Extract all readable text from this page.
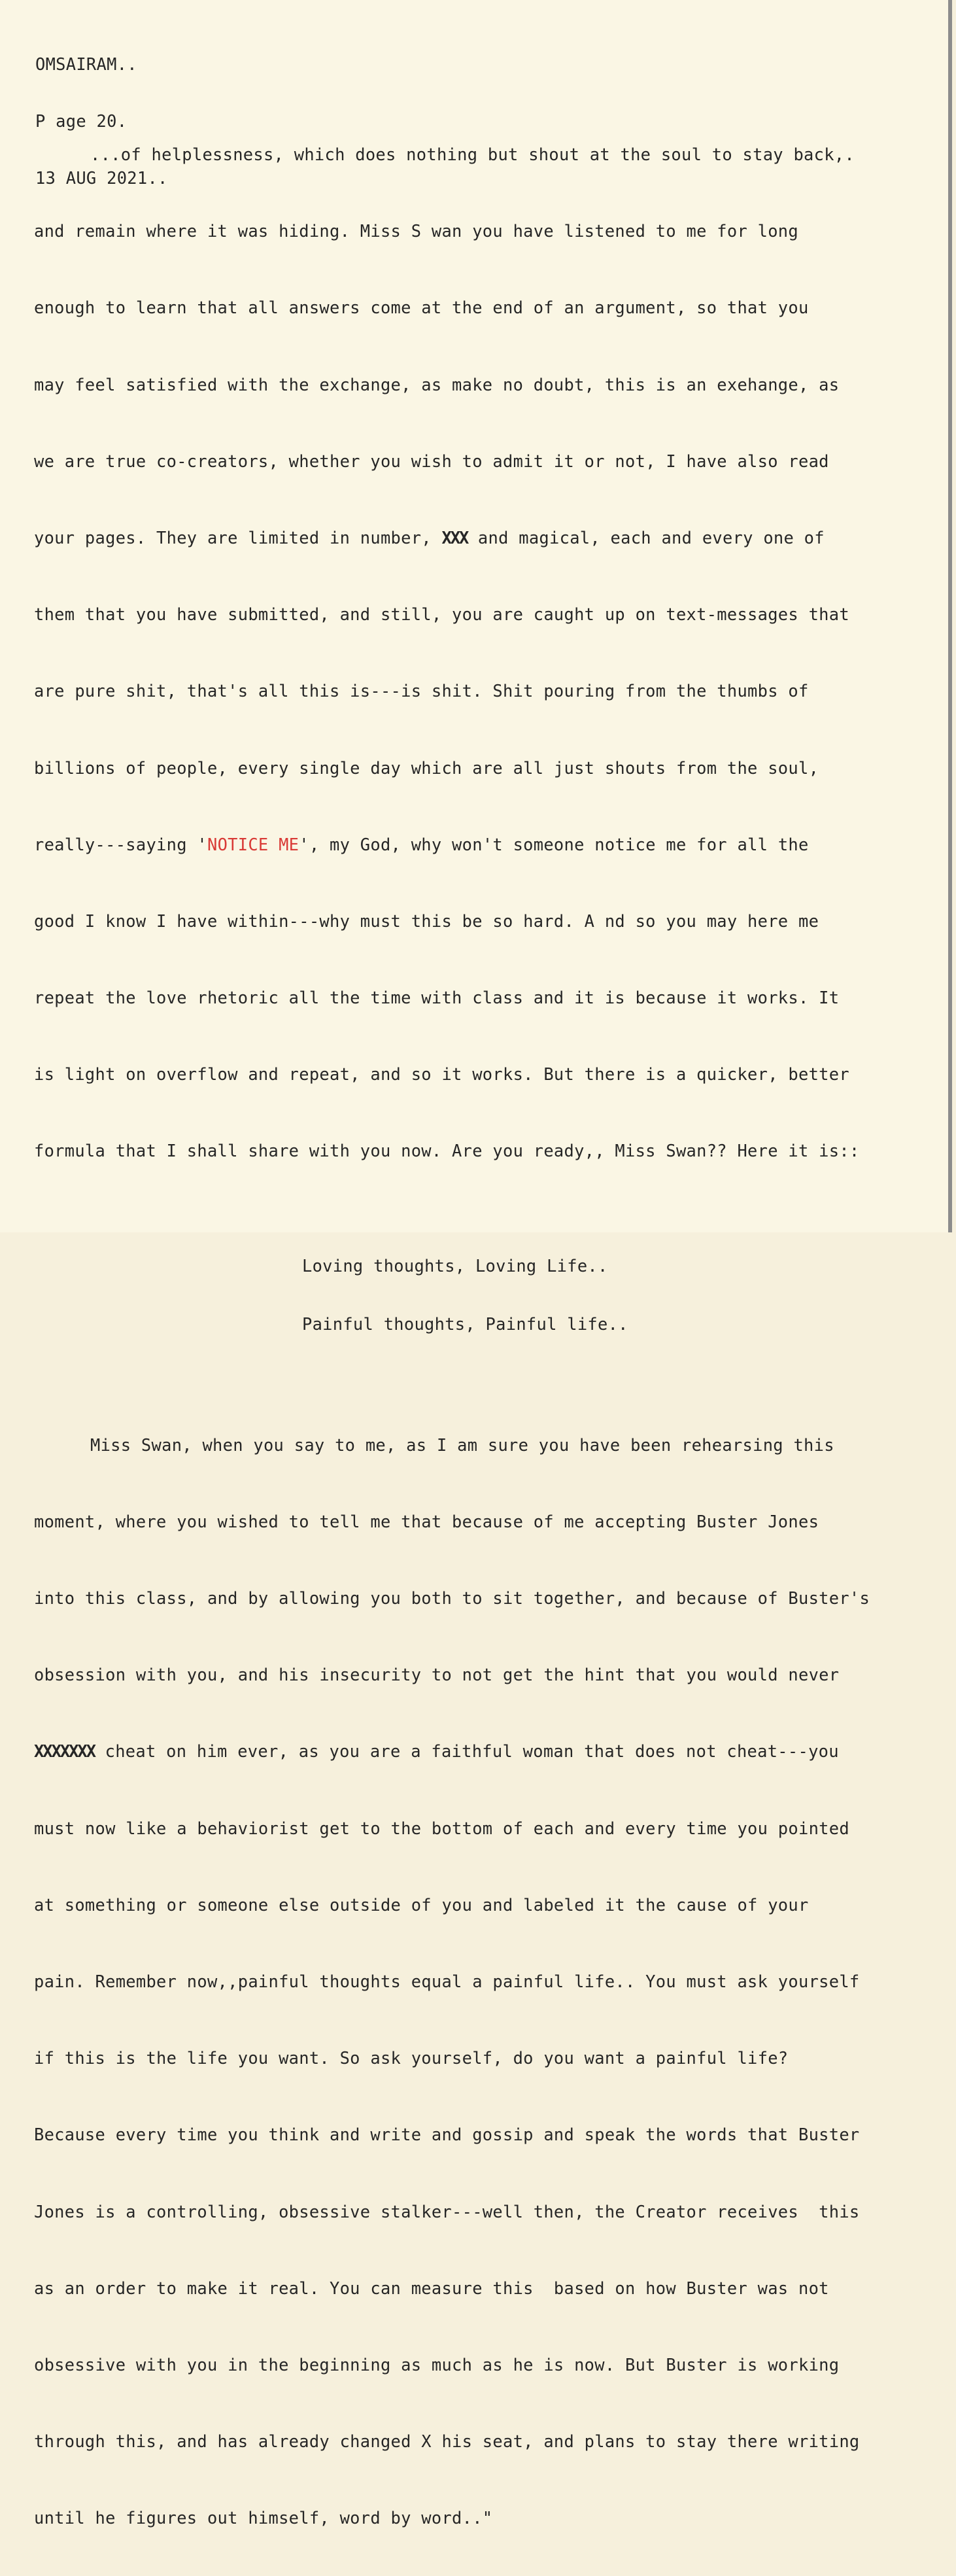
OMSAIRAM..

P age 20.

13 AUG 2021..

...of helplessness, which does nothing but shout at the soul to stay back,.

and remain where it was hiding. Miss S wan you have listened to me for long

enough to learn that all answers come at the end of an argument, so that you

may feel satisfied with the exchange, as make no doubt, this is an exehange, as

we are true co-creators, whether you wish to admit it or not, I have also read

your pages. They are limited in number, XXX and magical, each and every one of

them that you have submitted, and still, you are caught up on text-messages that

are pure shit, that's all this is---is shit. Shit pouring from the thumbs of

billions of people, every single day which are all just shouts from the soul,

really---saying 'NOTICE ME', my God, why won't someone notice me for all the

good I know I have within---why must this be so hard. A nd so you may here me

repeat the love rhetoric all the time with class and it is because it works. It

is light on overflow and repeat, and so it works. But there is a quicker, better

formula that I shall share with you now. Are you ready,, Miss Swan?? Here it is::

Loving thoughts, Loving Life..

Painful thoughts, Painful life..

Miss Swan, when you say to me, as I am sure you have been rehearsing this

moment, where you wished to tell me that because of me accepting Buster Jones

into this class, and by allowing you both to sit together, and because of Buster's

obsession with you, and his insecurity to not get the hint that you would never

XXXXXXX cheat on him ever, as you are a faithful woman that does not cheat---you

must now like a behaviorist get to the bottom of each and every time you pointed

at something or someone else outside of you and labeled it the cause of your

pain. Remember now,,painful thoughts equal a painful life.. You must ask yourself

if this is the life you want. So ask yourself, do you want a painful life?

Because every time you think and write and gossip and speak the words that Buster

Jones is a controlling, obsessive stalker---well then, the Creator receives  this

as an order to make it real. You can measure this  based on how Buster was not

obsessive with you in the beginning as much as he is now. But Buster is working

through this, and has already changed X his seat, and plans to stay there writing

until he figures out himself, word by word.."
